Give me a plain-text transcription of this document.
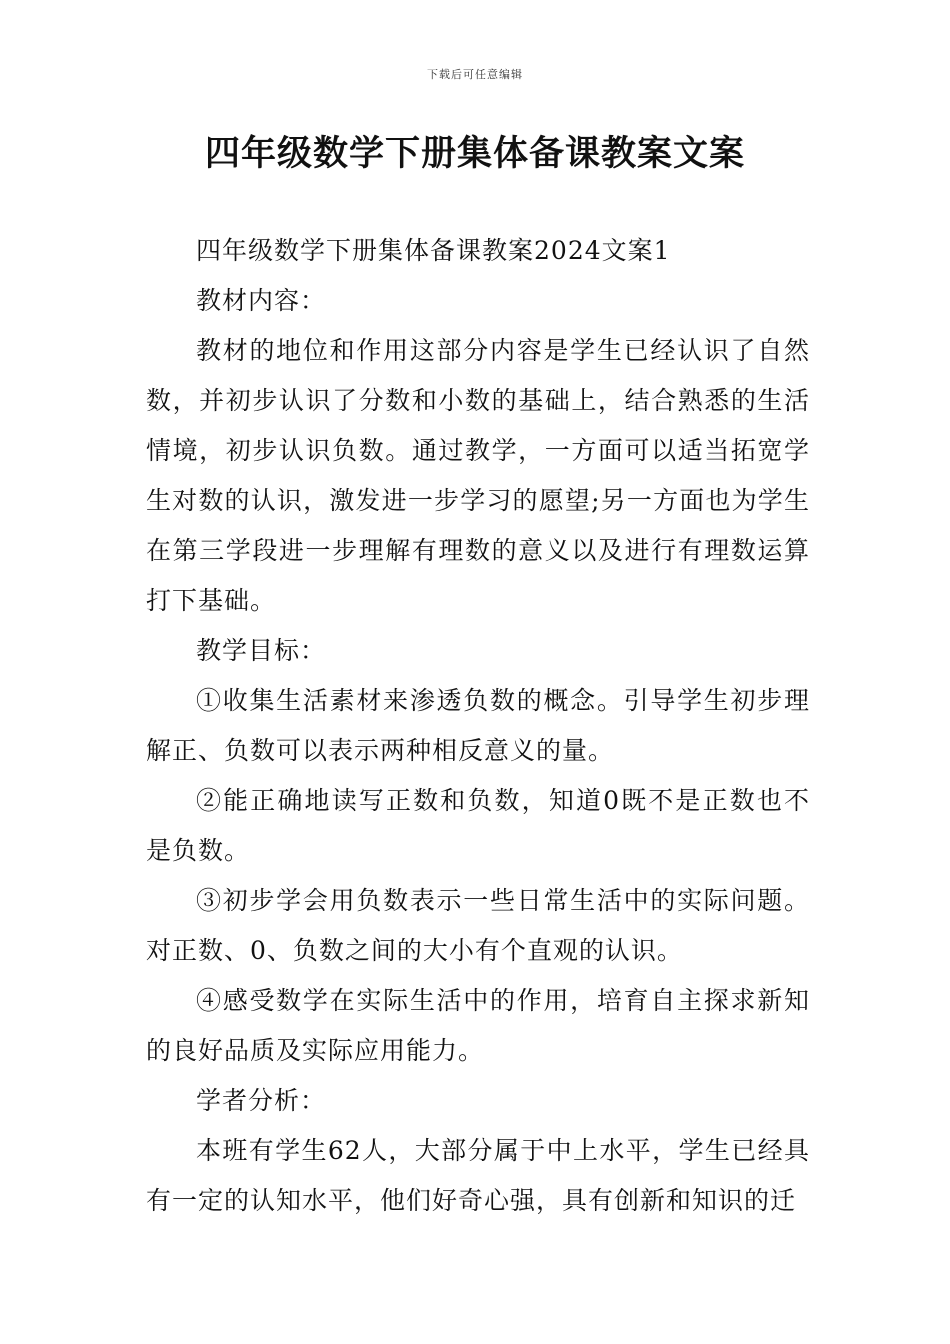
下载后可任意编辑
四年级数学下册集体备课教案文案

四年级数学下册集体备课教案2024文案1

教材内容：

教材的地位和作用这部分内容是学生已经认识了自然数，并初步认识了分数和小数的基础上，结合熟悉的生活情境，初步认识负数。通过教学，一方面可以适当拓宽学生对数的认识，激发进一步学习的愿望;另一方面也为学生在第三学段进一步理解有理数的意义以及进行有理数运算打下基础。

教学目标：

①收集生活素材来渗透负数的概念。引导学生初步理解正、负数可以表示两种相反意义的量。

②能正确地读写正数和负数，知道0既不是正数也不是负数。

③初步学会用负数表示一些日常生活中的实际问题。对正数、0、负数之间的大小有个直观的认识。

④感受数学在实际生活中的作用，培育自主探求新知的良好品质及实际应用能力。

学者分析：

本班有学生62人，大部分属于中上水平，学生已经具有一定的认知水平，他们好奇心强，具有创新和知识的迁
